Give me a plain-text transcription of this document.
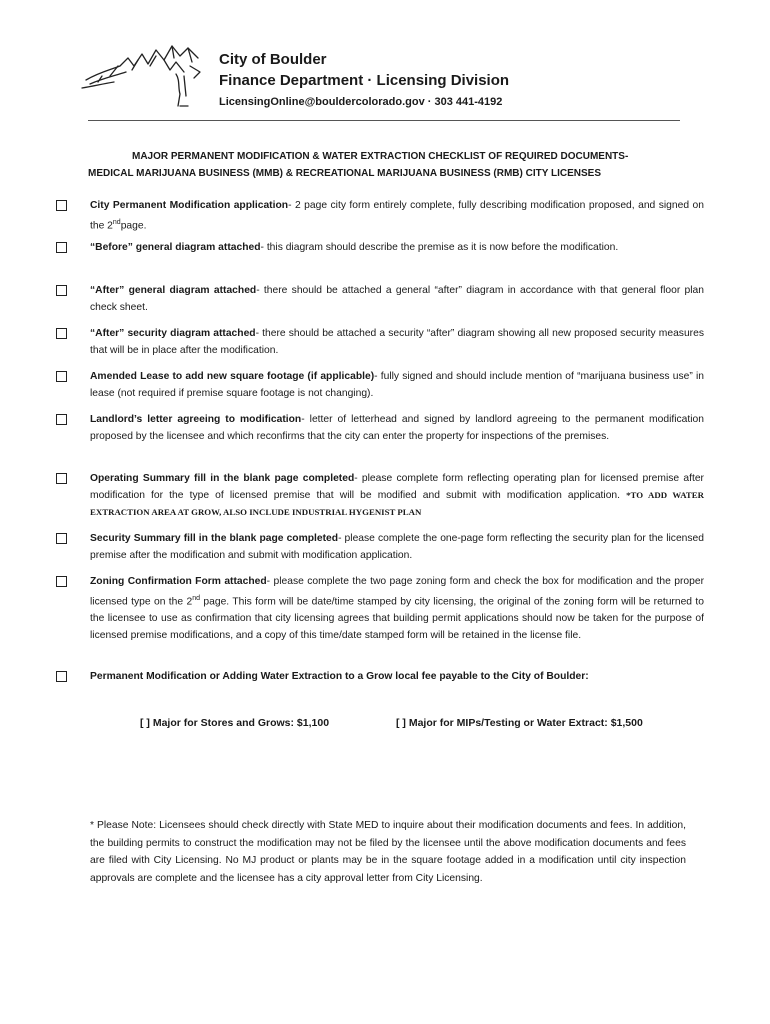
City of Boulder
Finance Department · Licensing Division
LicensingOnline@bouldercolorado.gov · 303 441-4192
MAJOR PERMANENT MODIFICATION & WATER EXTRACTION CHECKLIST OF REQUIRED DOCUMENTS-
MEDICAL MARIJUANA BUSINESS (MMB) & RECREATIONAL MARIJUANA BUSINESS (RMB) CITY LICENSES
City Permanent Modification application- 2 page city form entirely complete, fully describing modification proposed, and signed on the 2ndpage.
“Before” general diagram attached- this diagram should describe the premise as it is now before the modification.
“After” general diagram attached- there should be attached a general “after” diagram in accordance with that general floor plan check sheet.
“After” security diagram attached- there should be attached a security “after” diagram showing all new proposed security measures that will be in place after the modification.
Amended Lease to add new square footage (if applicable)- fully signed and should include mention of “marijuana business use” in lease (not required if premise square footage is not changing).
Landlord’s letter agreeing to modification- letter of letterhead and signed by landlord agreeing to the permanent modification proposed by the licensee and which reconfirms that the city can enter the property for inspections of the premises.
Operating Summary fill in the blank page completed- please complete form reflecting operating plan for licensed premise after modification for the type of licensed premise that will be modified and submit with modification application. *TO ADD WATER EXTRACTION AREA AT GROW, ALSO INCLUDE INDUSTRIAL HYGENIST PLAN
Security Summary fill in the blank page completed- please complete the one-page form reflecting the security plan for the licensed premise after the modification and submit with modification application.
Zoning Confirmation Form attached- please complete the two page zoning form and check the box for modification and the proper licensed type on the 2nd page. This form will be date/time stamped by city licensing, the original of the zoning form will be returned to the licensee to use as confirmation that city licensing agrees that building permit applications should now be taken for the purpose of licensed premise modifications, and a copy of this time/date stamped form will be retained in the license file.
Permanent Modification or Adding Water Extraction to a Grow local fee payable to the City of Boulder:
[ ] Major for Stores and Grows: $1,100	[ ] Major for MIPs/Testing or Water Extract: $1,500
* Please Note: Licensees should check directly with State MED to inquire about their modification documents and fees. In addition, the building permits to construct the modification may not be filed by the licensee until the above modification documents and fees are filed with City Licensing. No MJ product or plants may be in the square footage added in a modification until city inspection approvals are complete and the licensee has a city approval letter from City Licensing.
